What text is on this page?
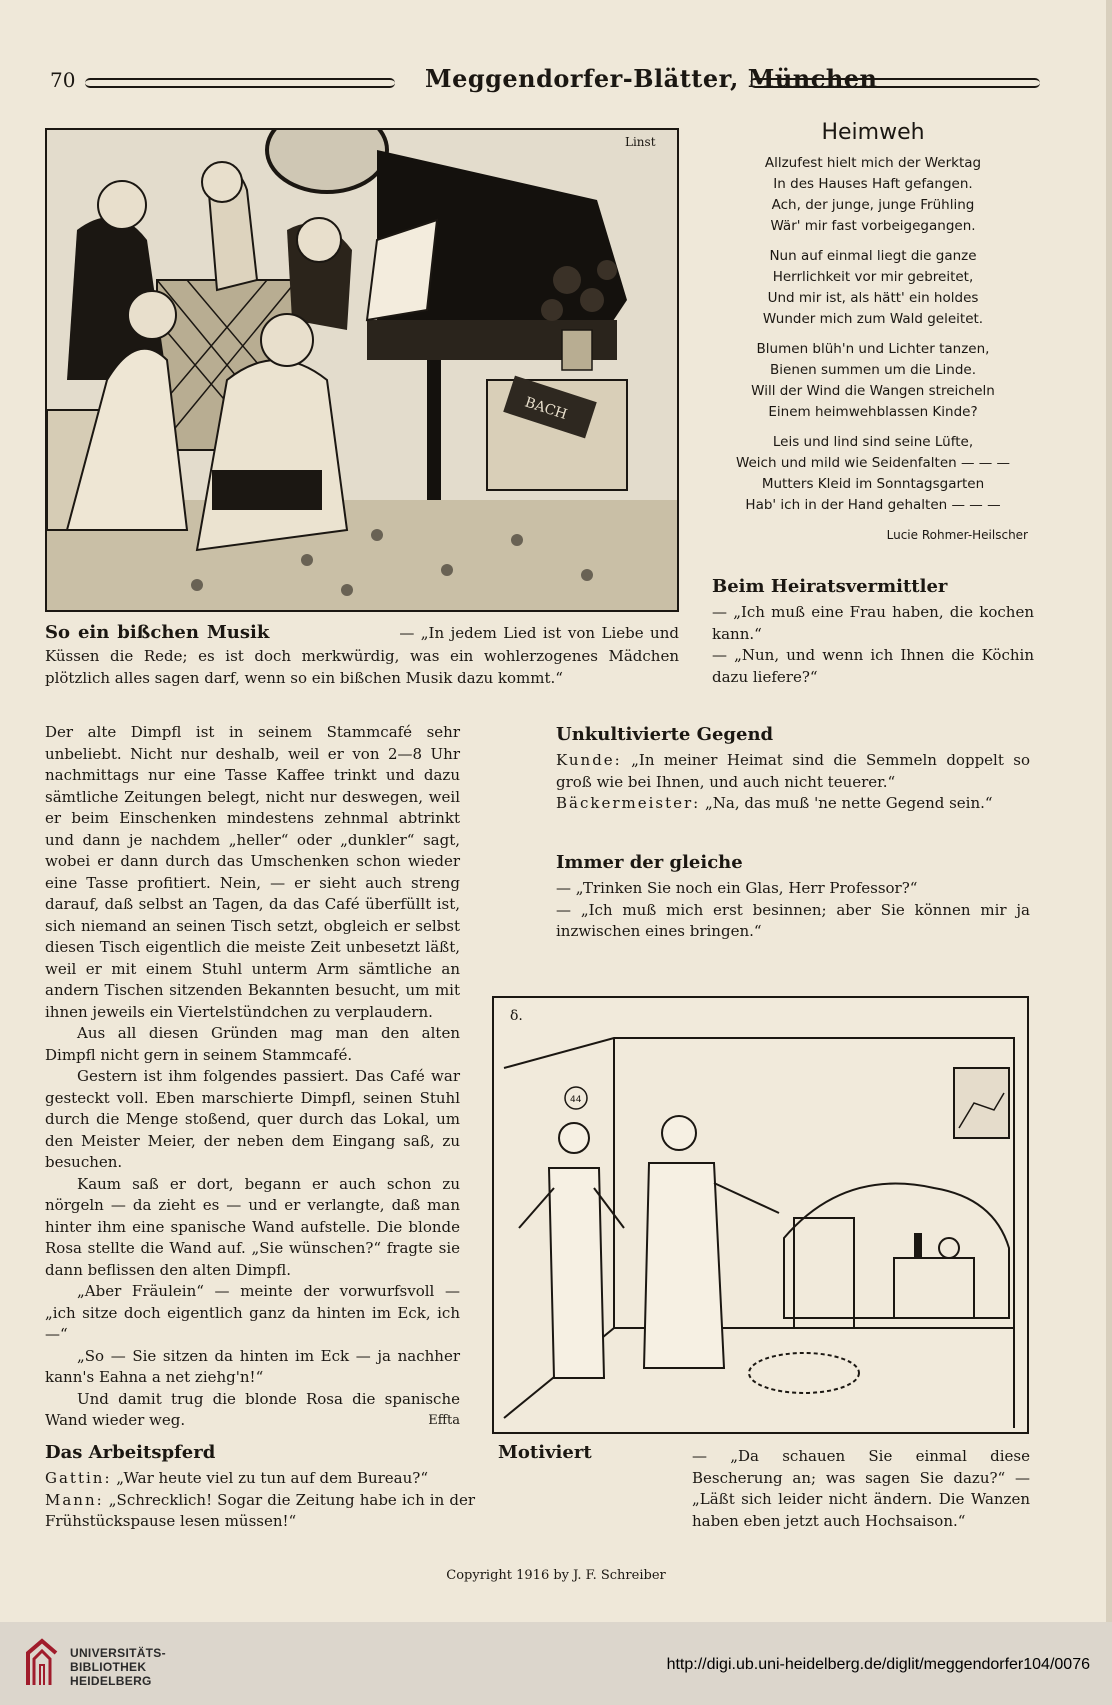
70	Meggendorfer-Blätter, München
BACH
Linst
So ein bißchen Musik	— „In jedem Lied ist von Liebe und Küssen die Rede; es ist doch merkwürdig, was ein wohlerzogenes Mädchen plötzlich alles sagen darf, wenn so ein bißchen Musik dazu kommt.“
Heimweh
Allzufest hielt mich der Werktag
In des Hauses Haft gefangen.
Ach, der junge, junge Frühling
Wär' mir fast vorbeigegangen.
Nun auf einmal liegt die ganze
Herrlichkeit vor mir gebreitet,
Und mir ist, als hätt' ein holdes
Wunder mich zum Wald geleitet.
Blumen blüh'n und Lichter tanzen,
Bienen summen um die Linde.
Will der Wind die Wangen streicheln
Einem heimwehblassen Kinde?
Leis und lind sind seine Lüfte,
Weich und mild wie Seidenfalten — — —
Mutters Kleid im Sonntagsgarten
Hab' ich in der Hand gehalten — — —
Lucie Rohmer-Heilscher
Beim Heiratsvermittler
— „Ich muß eine Frau haben, die kochen kann.“
— „Nun, und wenn ich Ihnen die Köchin dazu liefere?“
Der alte Dimpfl ist in seinem Stammcafé sehr unbeliebt. Nicht nur deshalb, weil er von 2—8 Uhr nachmittags nur eine Tasse Kaffee trinkt und dazu sämtliche Zeitungen belegt, nicht nur deswegen, weil er beim Einschenken mindestens zehnmal abtrinkt und dann je nachdem „heller“ oder „dunkler“ sagt, wobei er dann durch das Umschenken schon wieder eine Tasse profitiert. Nein, — er sieht auch streng darauf, daß selbst an Tagen, da das Café überfüllt ist, sich niemand an seinen Tisch setzt, obgleich er selbst diesen Tisch eigentlich die meiste Zeit unbesetzt läßt, weil er mit einem Stuhl unterm Arm sämtliche an andern Tischen sitzenden Bekannten besucht, um mit ihnen jeweils ein Viertelstündchen zu verplaudern.
Aus all diesen Gründen mag man den alten Dimpfl nicht gern in seinem Stammcafé.
Gestern ist ihm folgendes passiert. Das Café war gesteckt voll. Eben marschierte Dimpfl, seinen Stuhl durch die Menge stoßend, quer durch das Lokal, um den Meister Meier, der neben dem Eingang saß, zu besuchen.
Kaum saß er dort, begann er auch schon zu nörgeln — da zieht es — und er verlangte, daß man hinter ihm eine spanische Wand aufstelle. Die blonde Rosa stellte die Wand auf. „Sie wünschen?“ fragte sie dann beflissen den alten Dimpfl.
„Aber Fräulein“ — meinte der vorwurfsvoll — „ich sitze doch eigentlich ganz da hinten im Eck, ich —“
„So — Sie sitzen da hinten im Eck — ja nachher kann's Eahna a net ziehg'n!“
Und damit trug die blonde Rosa die spanische Wand wieder weg.	Effta
Unkultivierte Gegend
Kunde: „In meiner Heimat sind die Semmeln doppelt so groß wie bei Ihnen, und auch nicht teuerer.“
Bäckermeister: „Na, das muß 'ne nette Gegend sein.“
Immer der gleiche
— „Trinken Sie noch ein Glas, Herr Professor?“
— „Ich muß mich erst besinnen; aber Sie können mir ja inzwischen eines bringen.“
44
δ.
Das Arbeitspferd
Gattin: „War heute viel zu tun auf dem Bureau?“
Mann: „Schrecklich! Sogar die Zeitung habe ich in der Frühstückspause lesen müssen!“
Motiviert	— „Da schauen Sie einmal diese Bescherung an; was sagen Sie dazu?“ — „Läßt sich leider nicht ändern. Die Wanzen haben eben jetzt auch Hochsaison.“
Copyright 1916 by J. F. Schreiber
UNIVERSITÄTS-
BIBLIOTHEK
HEIDELBERG
http://digi.ub.uni-heidelberg.de/diglit/meggendorfer104/0076
